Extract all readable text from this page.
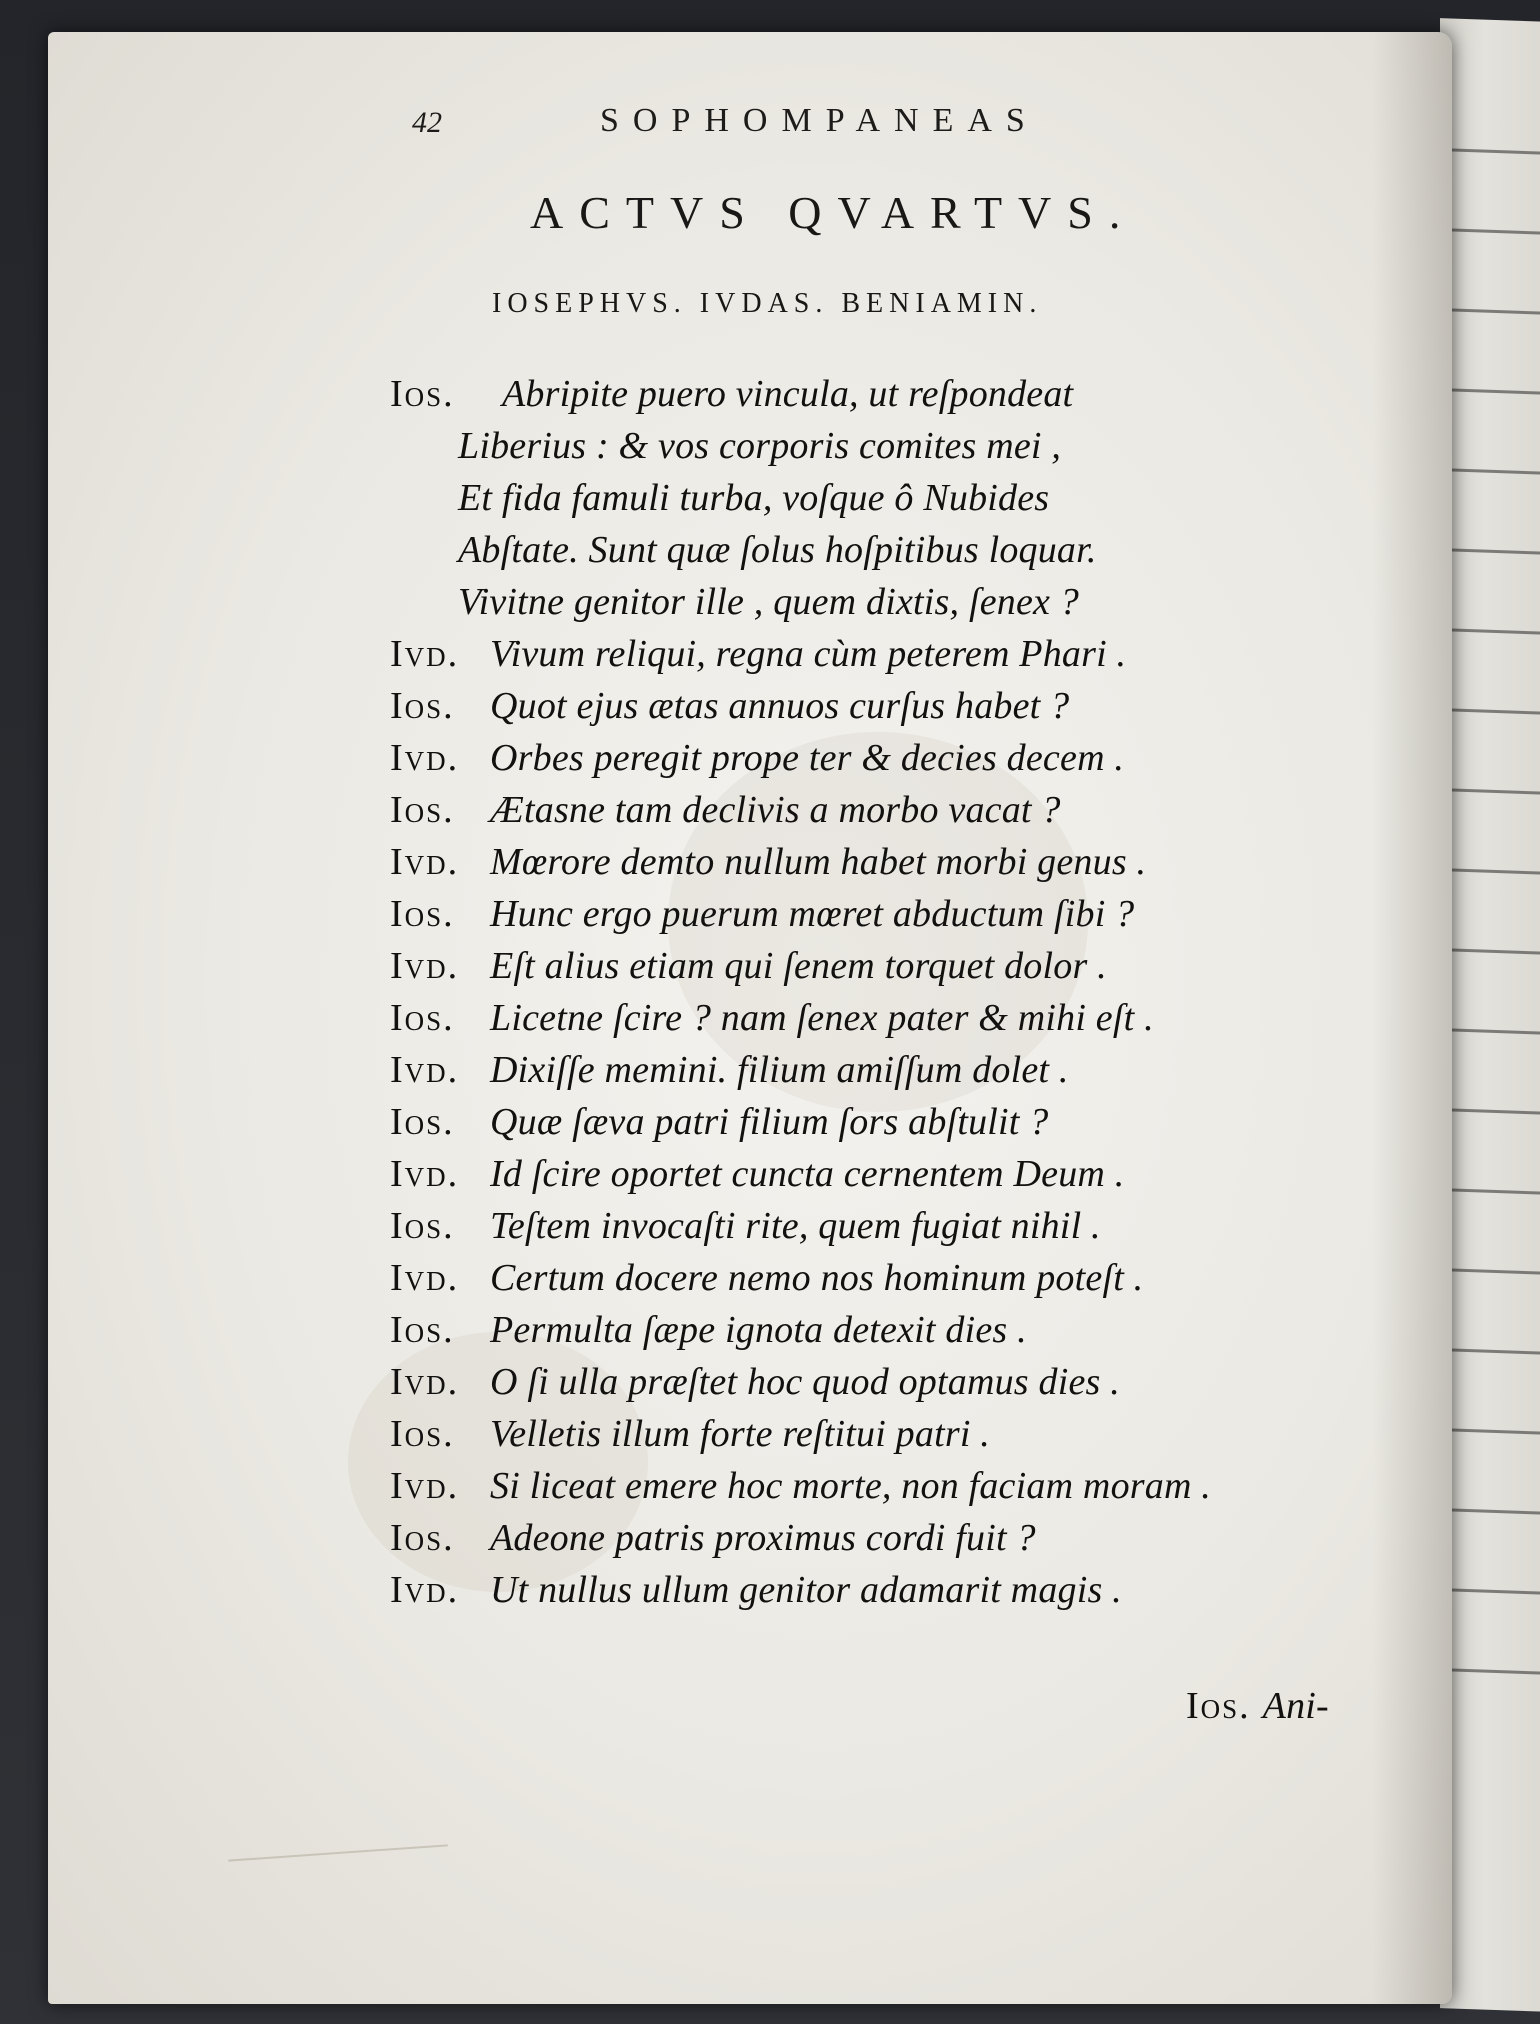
42	SOPHOMPANEAS
ACTVS QVARTVS.
IOSEPHVS. IVDAS. BENIAMIN.
Ios. Abripite puero vincula, ut reſpondeat
Liberius : & vos corporis comites mei ,
Et fida famuli turba, voſque ô Nubides
Abſtate. Sunt quæ ſolus hoſpitibus loquar.
Vivitne genitor ille , quem dixtis, ſenex ?
Ivd. Vivum reliqui, regna cùm peterem Phari .
Ios. Quot ejus ætas annuos curſus habet ?
Ivd. Orbes peregit prope ter & decies decem .
Ios. Ætasne tam declivis a morbo vacat ?
Ivd. Mœrore demto nullum habet morbi genus .
Ios. Hunc ergo puerum mœret abductum ſibi ?
Ivd. Eſt alius etiam qui ſenem torquet dolor .
Ios. Licetne ſcire ? nam ſenex pater & mihi eſt .
Ivd. Dixiſſe memini. filium amiſſum dolet .
Ios. Quæ ſæva patri filium ſors abſtulit ?
Ivd. Id ſcire oportet cuncta cernentem Deum .
Ios. Teſtem invocaſti rite, quem fugiat nihil .
Ivd. Certum docere nemo nos hominum poteſt .
Ios. Permulta ſæpe ignota detexit dies .
Ivd. O ſi ulla præſtet hoc quod optamus dies .
Ios. Velletis illum forte reſtitui patri .
Ivd. Si liceat emere hoc morte, non faciam moram .
Ios. Adeone patris proximus cordi fuit ?
Ivd. Ut nullus ullum genitor adamarit magis .
Ios. Ani-
